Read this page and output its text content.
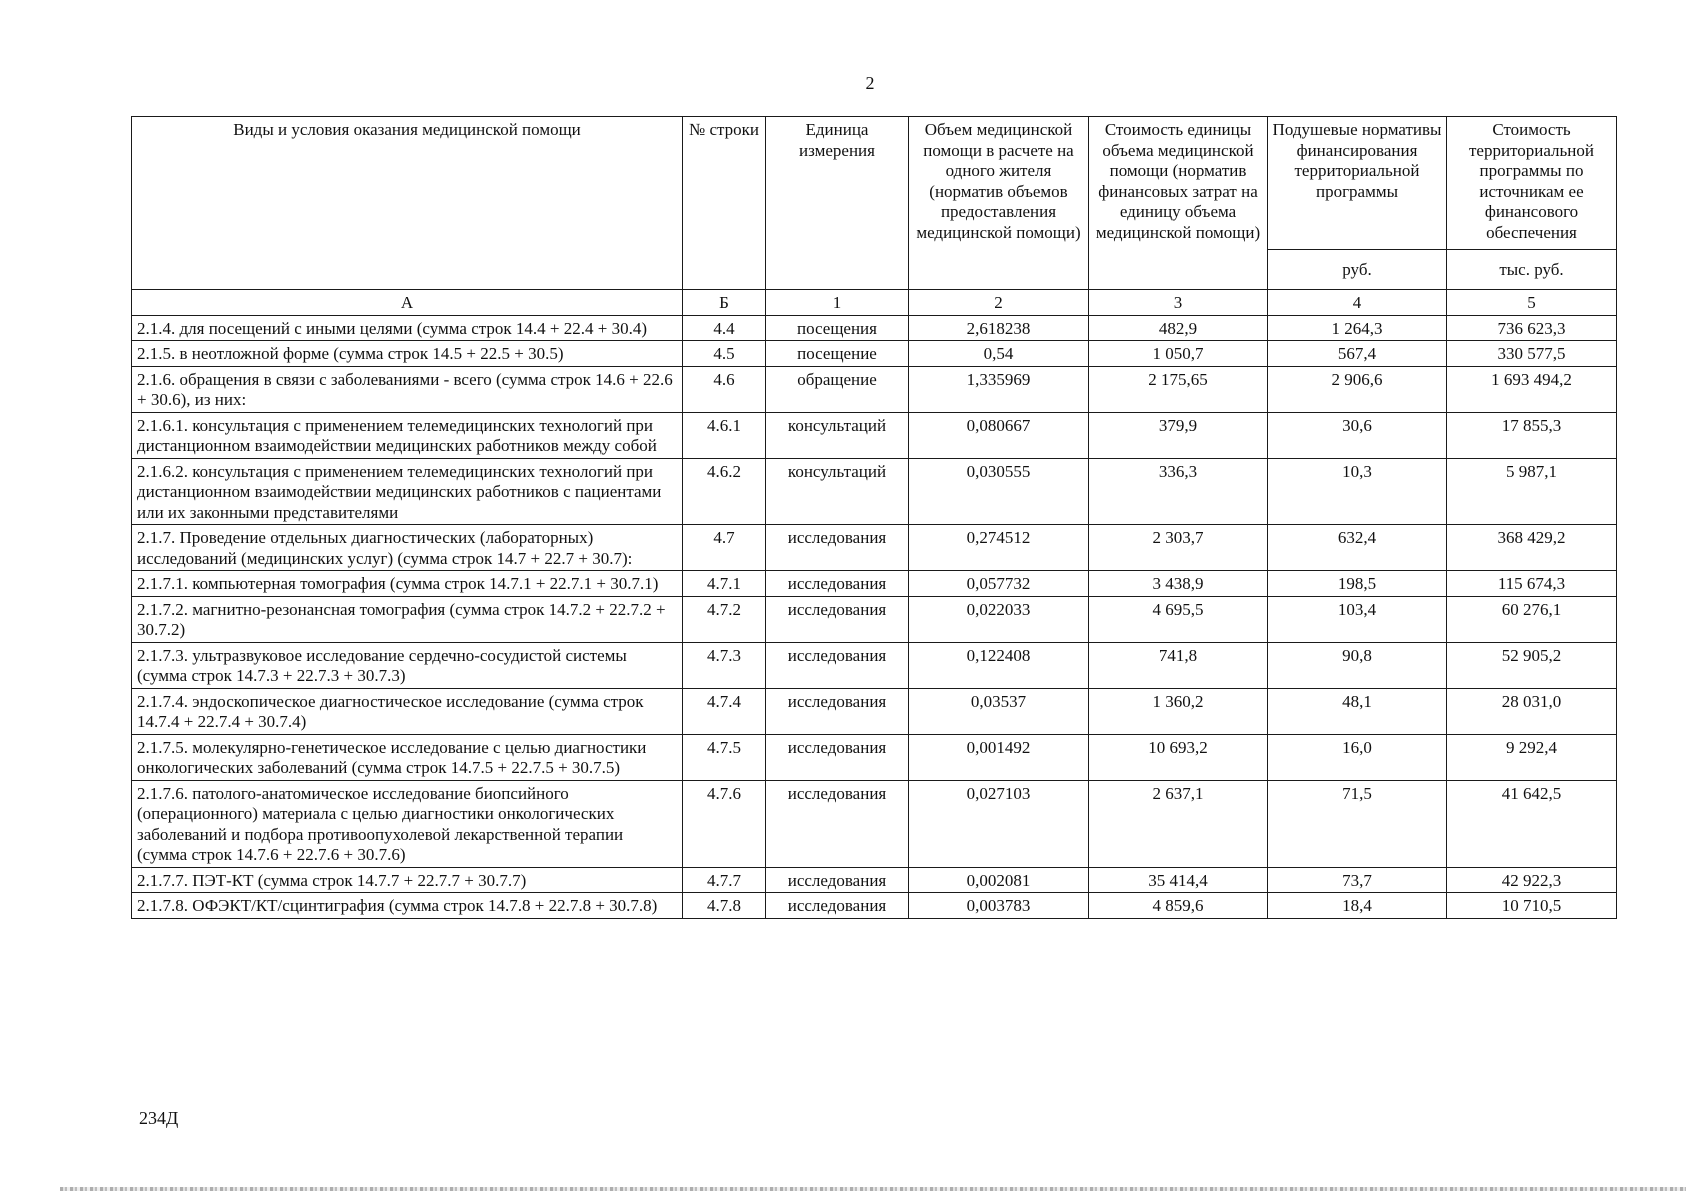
2
Виды и условия оказания медицинской помощи	№ строки	Единица измерения	Объем медицинской помощи в расчете на одного жителя (норматив объемов предоставления медицинской помощи)	Стоимость единицы объема медицинской помощи (норматив финансовых затрат на единицу объема медицинской помощи)	Подушевые нормативы финансирования территориальной программы	Стоимость территориальной программы по источникам ее финансового обеспечения
					руб.	тыс. руб.
А	Б	1	2	3	4	5
2.1.4. для посещений с иными целями (сумма строк 14.4 + 22.4 + 30.4)	4.4	посещения	2,618238	482,9	1 264,3	736 623,3
2.1.5. в неотложной форме (сумма строк 14.5 + 22.5 + 30.5)	4.5	посещение	0,54	1 050,7	567,4	330 577,5
2.1.6. обращения в связи с заболеваниями - всего (сумма строк 14.6 + 22.6 + 30.6), из них:	4.6	обращение	1,335969	2 175,65	2 906,6	1 693 494,2
2.1.6.1. консультация с применением телемедицинских технологий при дистанционном взаимодействии медицинских работников между собой	4.6.1	консультаций	0,080667	379,9	30,6	17 855,3
2.1.6.2. консультация с применением телемедицинских технологий при дистанционном взаимодействии медицинских работников с пациентами или их законными представителями	4.6.2	консультаций	0,030555	336,3	10,3	5 987,1
2.1.7. Проведение отдельных диагностических (лабораторных) исследований (медицинских услуг) (сумма строк 14.7 + 22.7 + 30.7):	4.7	исследования	0,274512	2 303,7	632,4	368 429,2
2.1.7.1. компьютерная томография (сумма строк 14.7.1 + 22.7.1 + 30.7.1)	4.7.1	исследования	0,057732	3 438,9	198,5	115 674,3
2.1.7.2. магнитно-резонансная томография (сумма строк 14.7.2 + 22.7.2 + 30.7.2)	4.7.2	исследования	0,022033	4 695,5	103,4	60 276,1
2.1.7.3. ультразвуковое исследование сердечно-сосудистой системы (сумма строк 14.7.3 + 22.7.3 + 30.7.3)	4.7.3	исследования	0,122408	741,8	90,8	52 905,2
2.1.7.4. эндоскопическое диагностическое исследование (сумма строк 14.7.4 + 22.7.4 + 30.7.4)	4.7.4	исследования	0,03537	1 360,2	48,1	28 031,0
2.1.7.5. молекулярно-генетическое исследование с целью диагностики онкологических заболеваний (сумма строк 14.7.5 + 22.7.5 + 30.7.5)	4.7.5	исследования	0,001492	10 693,2	16,0	9 292,4
2.1.7.6. патолого-анатомическое исследование биопсийного (операционного) материала с целью диагностики онкологических заболеваний и подбора противоопухолевой лекарственной терапии (сумма строк 14.7.6 + 22.7.6 + 30.7.6)	4.7.6	исследования	0,027103	2 637,1	71,5	41 642,5
2.1.7.7. ПЭТ-КТ (сумма строк 14.7.7 + 22.7.7 + 30.7.7)	4.7.7	исследования	0,002081	35 414,4	73,7	42 922,3
2.1.7.8. ОФЭКТ/КТ/сцинтиграфия (сумма строк 14.7.8 + 22.7.8 + 30.7.8)	4.7.8	исследования	0,003783	4 859,6	18,4	10 710,5
234Д
